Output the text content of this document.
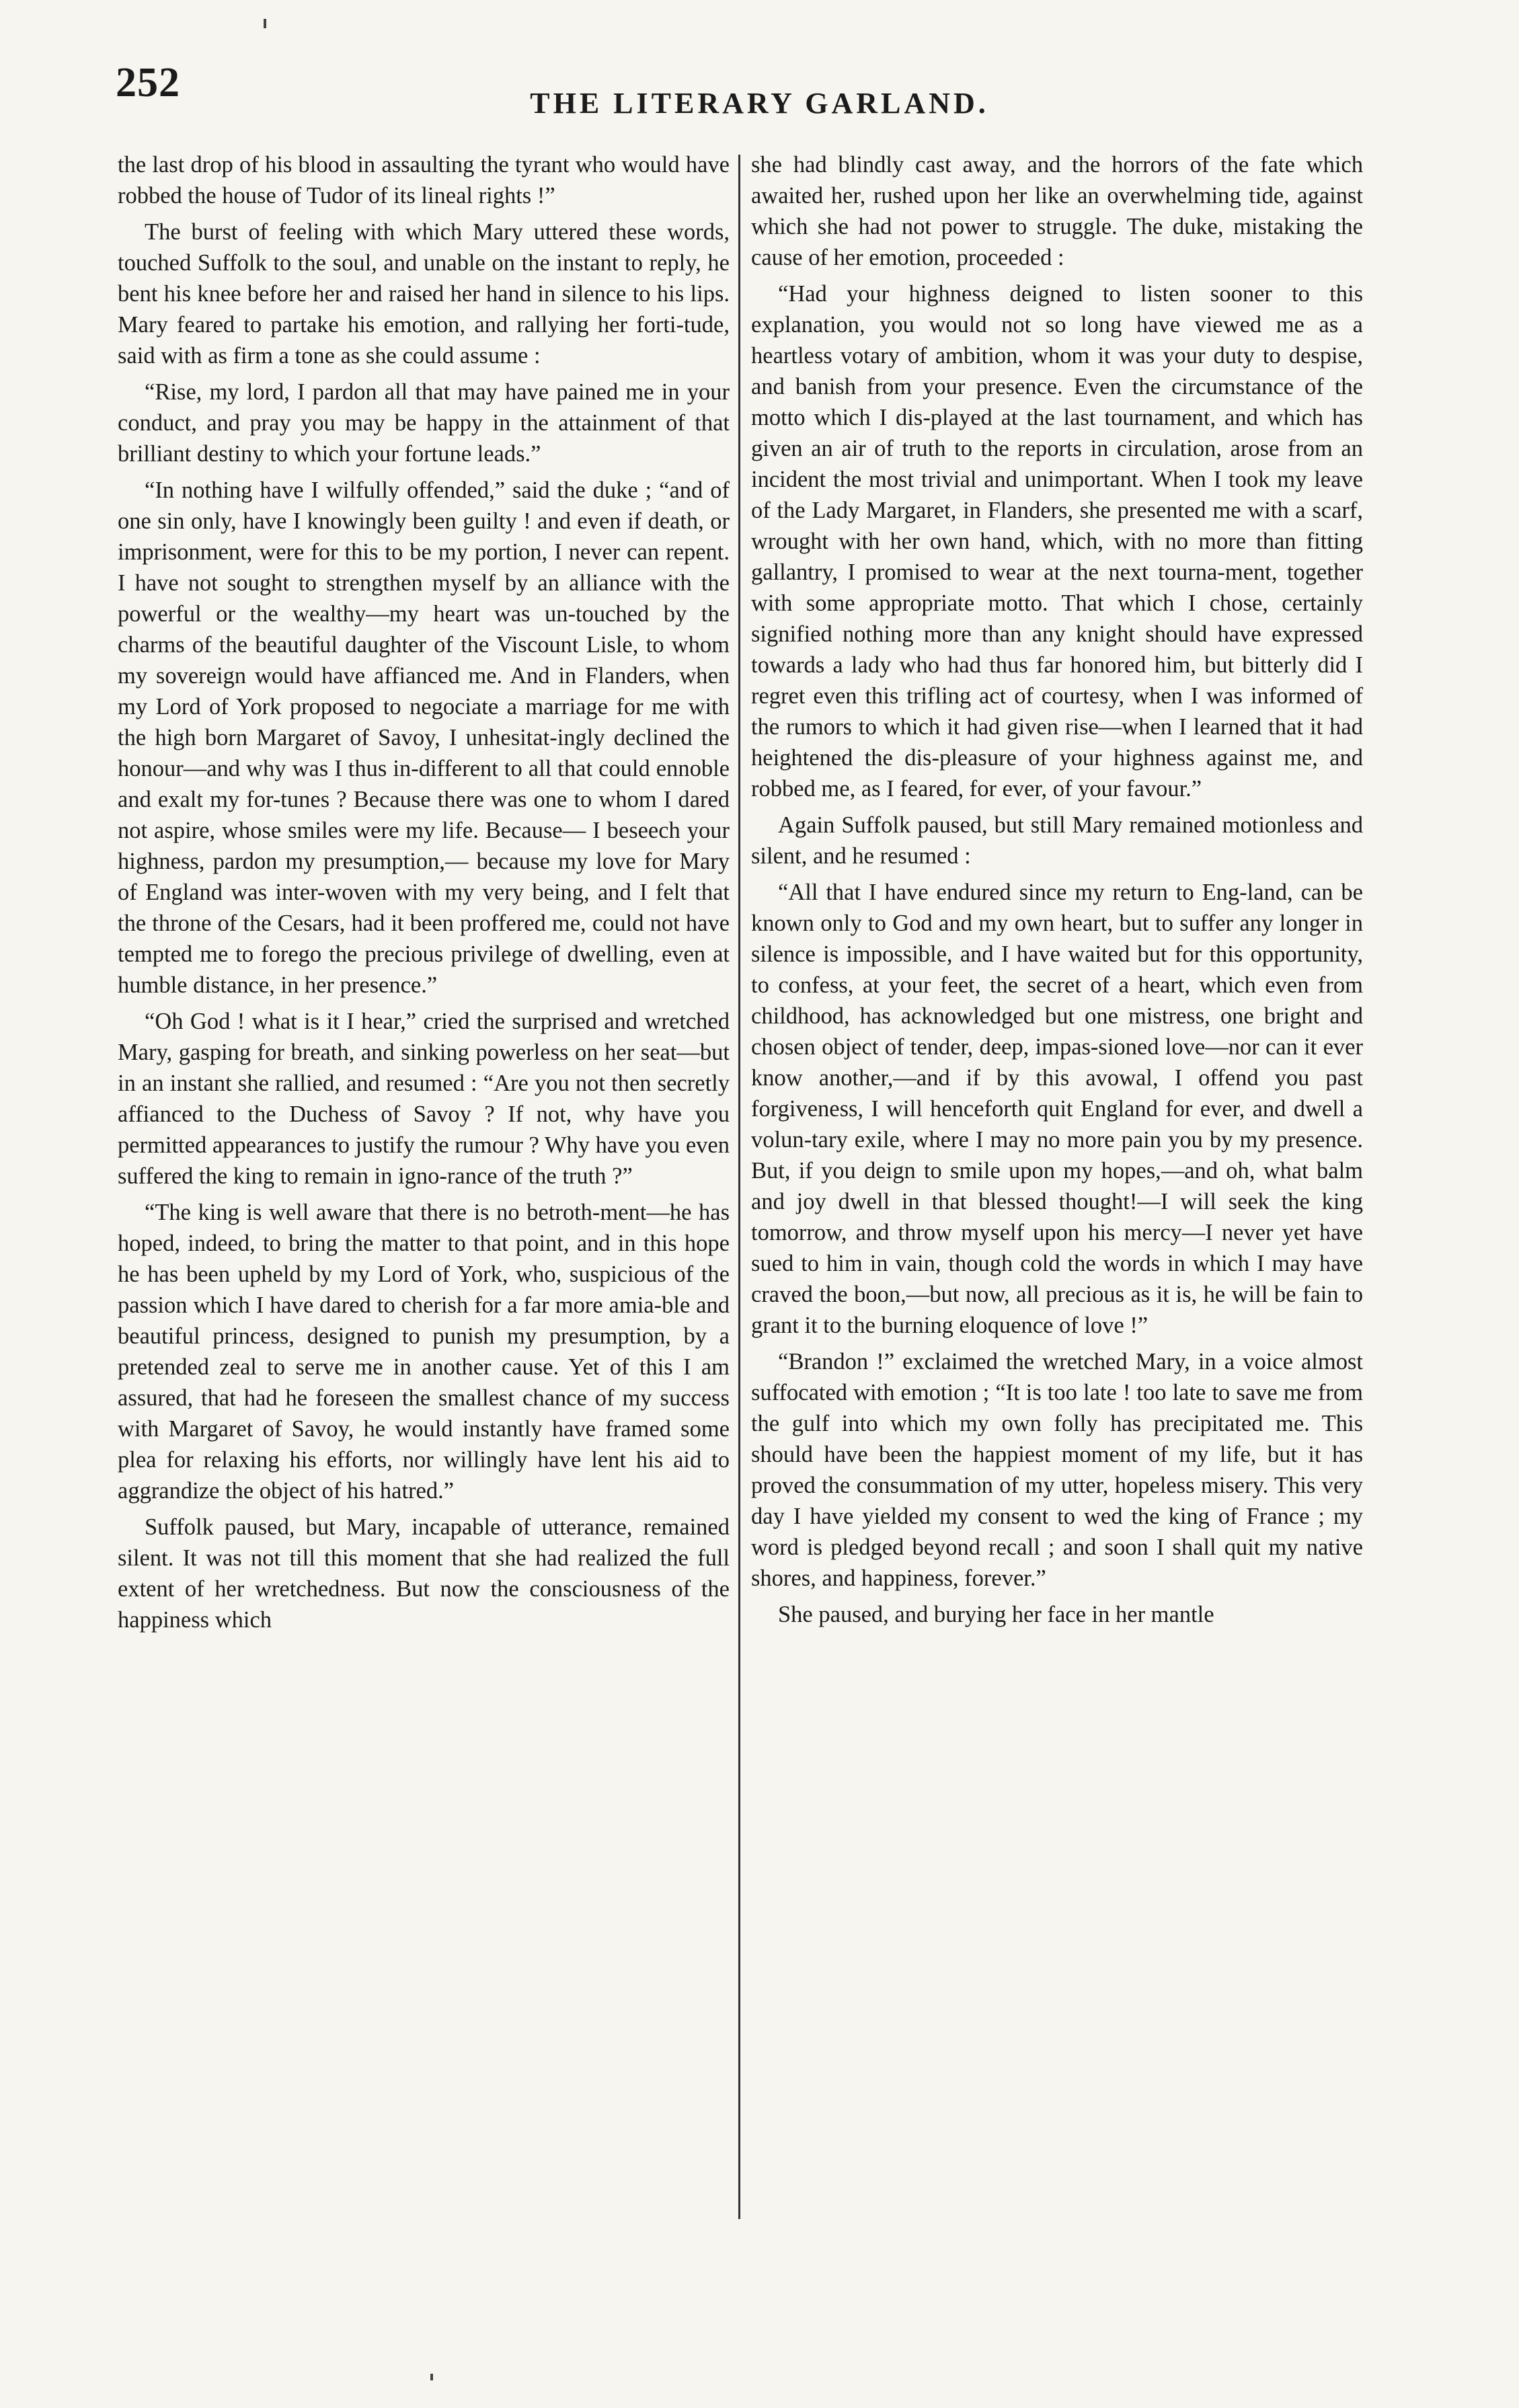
252	THE LITERARY GARLAND.

the last drop of his blood in assaulting the tyrant who would have robbed the house of Tudor of its lineal rights !”

The burst of feeling with which Mary uttered these words, touched Suffolk to the soul, and unable on the instant to reply, he bent his knee before her and raised her hand in silence to his lips. Mary feared to partake his emotion, and rallying her forti-tude, said with as firm a tone as she could assume :

“Rise, my lord, I pardon all that may have pained me in your conduct, and pray you may be happy in the attainment of that brilliant destiny to which your fortune leads.”

“In nothing have I wilfully offended,” said the duke ; “and of one sin only, have I knowingly been guilty ! and even if death, or imprisonment, were for this to be my portion, I never can repent. I have not sought to strengthen myself by an alliance with the powerful or the wealthy—my heart was un-touched by the charms of the beautiful daughter of the Viscount Lisle, to whom my sovereign would have affianced me. And in Flanders, when my Lord of York proposed to negociate a marriage for me with the high born Margaret of Savoy, I unhesitat-ingly declined the honour—and why was I thus in-different to all that could ennoble and exalt my for-tunes ? Because there was one to whom I dared not aspire, whose smiles were my life. Because— I beseech your highness, pardon my presumption,— because my love for Mary of England was inter-woven with my very being, and I felt that the throne of the Cesars, had it been proffered me, could not have tempted me to forego the precious privilege of dwelling, even at humble distance, in her presence.”

“Oh God ! what is it I hear,” cried the surprised and wretched Mary, gasping for breath, and sinking powerless on her seat—but in an instant she rallied, and resumed : “Are you not then secretly affianced to the Duchess of Savoy ? If not, why have you permitted appearances to justify the rumour ? Why have you even suffered the king to remain in igno-rance of the truth ?”

“The king is well aware that there is no betroth-ment—he has hoped, indeed, to bring the matter to that point, and in this hope he has been upheld by my Lord of York, who, suspicious of the passion which I have dared to cherish for a far more amia-ble and beautiful princess, designed to punish my presumption, by a pretended zeal to serve me in another cause. Yet of this I am assured, that had he foreseen the smallest chance of my success with Margaret of Savoy, he would instantly have framed some plea for relaxing his efforts, nor willingly have lent his aid to aggrandize the object of his hatred.”

Suffolk paused, but Mary, incapable of utterance, remained silent. It was not till this moment that she had realized the full extent of her wretchedness. But now the consciousness of the happiness which

she had blindly cast away, and the horrors of the fate which awaited her, rushed upon her like an overwhelming tide, against which she had not power to struggle. The duke, mistaking the cause of her emotion, proceeded :

“Had your highness deigned to listen sooner to this explanation, you would not so long have viewed me as a heartless votary of ambition, whom it was your duty to despise, and banish from your presence. Even the circumstance of the motto which I dis-played at the last tournament, and which has given an air of truth to the reports in circulation, arose from an incident the most trivial and unimportant. When I took my leave of the Lady Margaret, in Flanders, she presented me with a scarf, wrought with her own hand, which, with no more than fitting gallantry, I promised to wear at the next tourna-ment, together with some appropriate motto. That which I chose, certainly signified nothing more than any knight should have expressed towards a lady who had thus far honored him, but bitterly did I regret even this trifling act of courtesy, when I was informed of the rumors to which it had given rise—when I learned that it had heightened the dis-pleasure of your highness against me, and robbed me, as I feared, for ever, of your favour.”

Again Suffolk paused, but still Mary remained motionless and silent, and he resumed :

“All that I have endured since my return to Eng-land, can be known only to God and my own heart, but to suffer any longer in silence is impossible, and I have waited but for this opportunity, to confess, at your feet, the secret of a heart, which even from childhood, has acknowledged but one mistress, one bright and chosen object of tender, deep, impas-sioned love—nor can it ever know another,—and if by this avowal, I offend you past forgiveness, I will henceforth quit England for ever, and dwell a volun-tary exile, where I may no more pain you by my presence. But, if you deign to smile upon my hopes,—and oh, what balm and joy dwell in that blessed thought!—I will seek the king tomorrow, and throw myself upon his mercy—I never yet have sued to him in vain, though cold the words in which I may have craved the boon,—but now, all precious as it is, he will be fain to grant it to the burning eloquence of love !”

“Brandon !” exclaimed the wretched Mary, in a voice almost suffocated with emotion ; “It is too late ! too late to save me from the gulf into which my own folly has precipitated me. This should have been the happiest moment of my life, but it has proved the consummation of my utter, hopeless misery. This very day I have yielded my consent to wed the king of France ; my word is pledged beyond recall ; and soon I shall quit my native shores, and happiness, forever.”

She paused, and burying her face in her mantle
